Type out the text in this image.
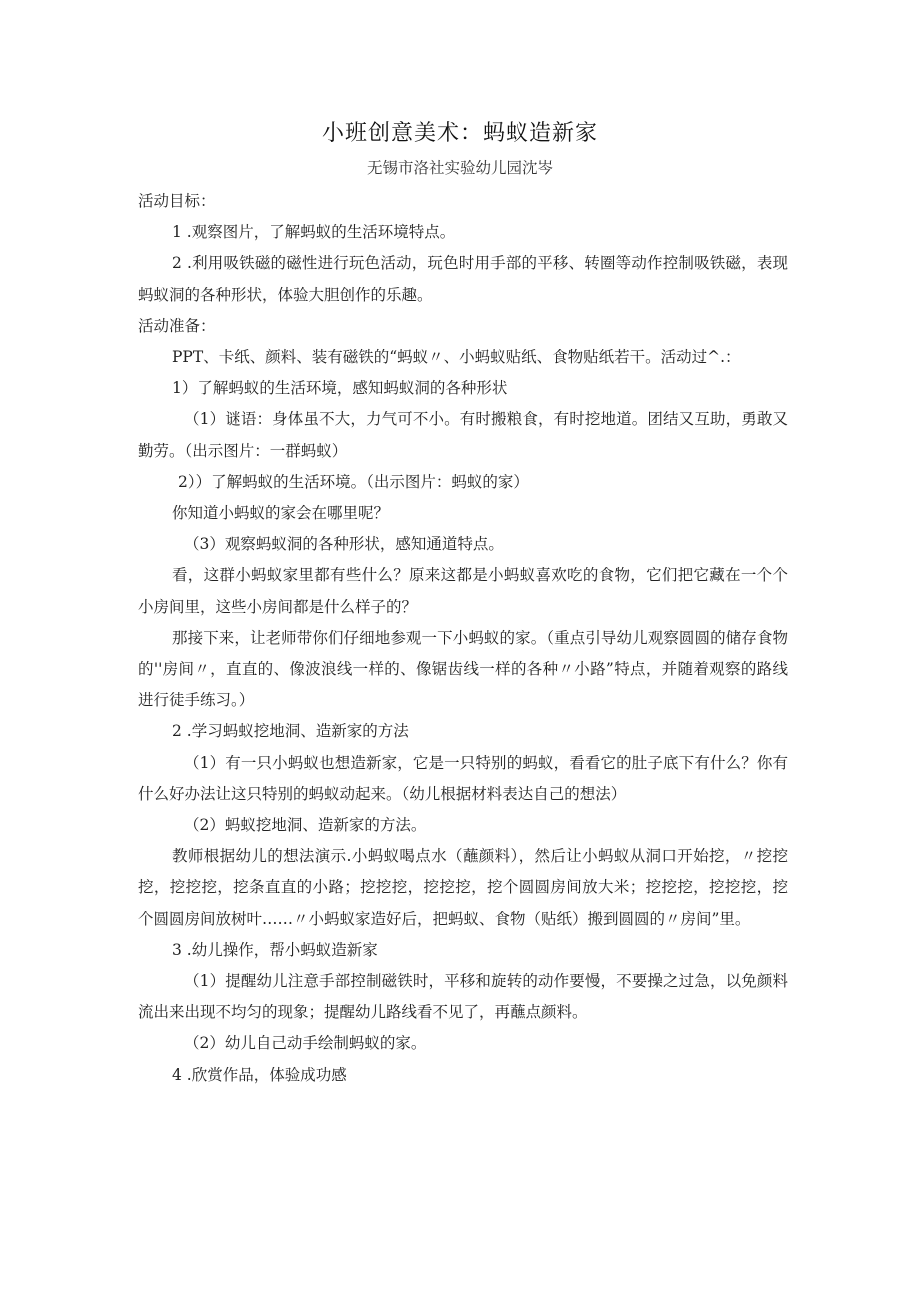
小班创意美术：蚂蚁造新家
无锡市洛社实验幼儿园沈岑

活动目标：

1 .观察图片，了解蚂蚁的生活环境特点。

2 .利用吸铁磁的磁性进行玩色活动，玩色时用手部的平移、转圈等动作控制吸铁磁，表现蚂蚁洞的各种形状，体验大胆创作的乐趣。

活动准备：

PPT、卡纸、颜料、装有磁铁的“蚂蚁〃、小蚂蚁贴纸、食物贴纸若干。活动过^.：

1）了解蚂蚁的生活环境，感知蚂蚁洞的各种形状

（1）谜语：身体虽不大，力气可不小。有时搬粮食，有时挖地道。团结又互助，勇敢又勤劳。（出示图片：一群蚂蚁）

2））了解蚂蚁的生活环境。（出示图片：蚂蚁的家）

你知道小蚂蚁的家会在哪里呢？

（3）观察蚂蚁洞的各种形状，感知通道特点。

看，这群小蚂蚁家里都有些什么？原来这都是小蚂蚁喜欢吃的食物，它们把它藏在一个个小房间里，这些小房间都是什么样子的？

那接下来，让老师带你们仔细地参观一下小蚂蚁的家。（重点引导幼儿观察圆圆的储存食物的''房间〃，直直的、像波浪线一样的、像锯齿线一样的各种〃小路”特点，并随着观察的路线进行徒手练习。）

2 .学习蚂蚁挖地洞、造新家的方法

（1）有一只小蚂蚁也想造新家，它是一只特别的蚂蚁，看看它的肚子底下有什么？你有什么好办法让这只特别的蚂蚁动起来。（幼儿根据材料表达自己的想法）

（2）蚂蚁挖地洞、造新家的方法。

教师根据幼儿的想法演示.小蚂蚁喝点水（蘸颜料），然后让小蚂蚁从洞口开始挖，〃挖挖挖，挖挖挖，挖条直直的小路；挖挖挖，挖挖挖，挖个圆圆房间放大米；挖挖挖，挖挖挖，挖个圆圆房间放树叶……〃小蚂蚁家造好后，把蚂蚁、食物（贴纸）搬到圆圆的〃房间”里。

3 .幼儿操作，帮小蚂蚁造新家

（1）提醒幼儿注意手部控制磁铁时，平移和旋转的动作要慢，不要操之过急，以免颜料流出来出现不均匀的现象；提醒幼儿路线看不见了，再蘸点颜料。

（2）幼儿自己动手绘制蚂蚁的家。

4 .欣赏作品，体验成功感
